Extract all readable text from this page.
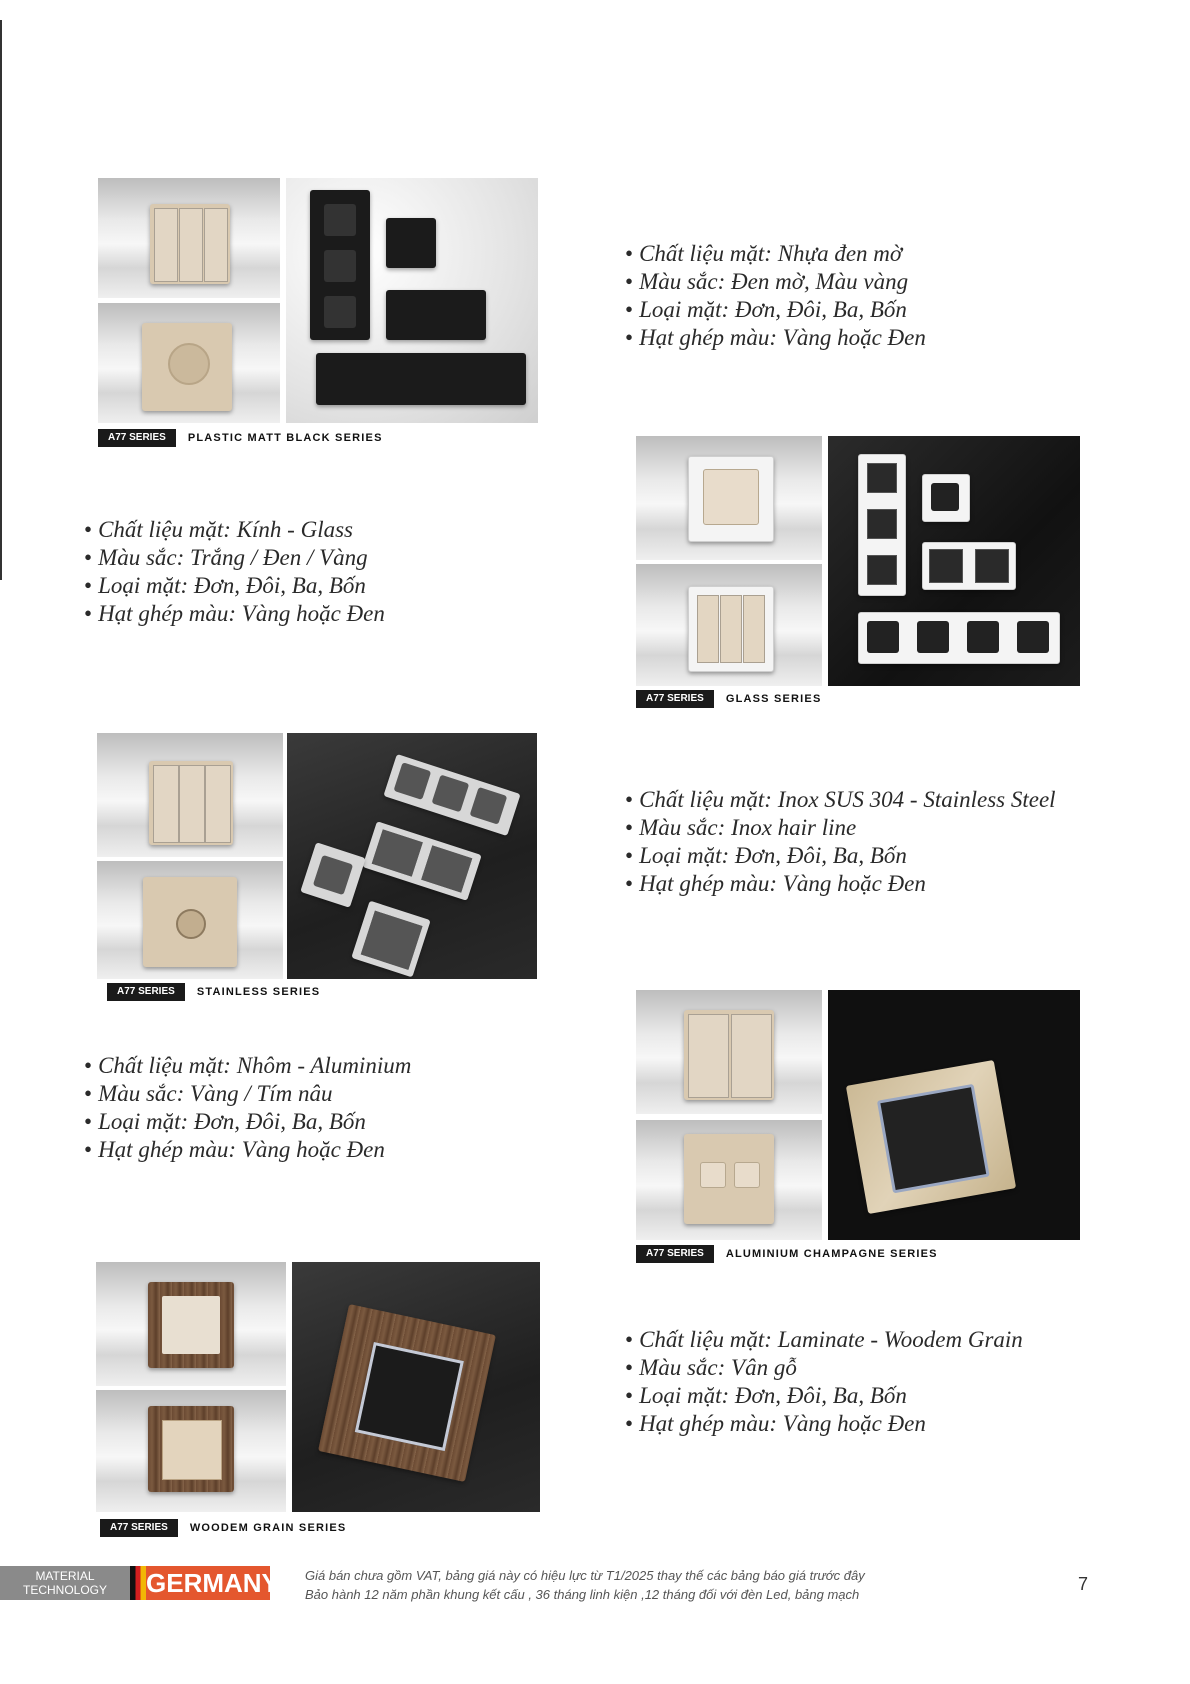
A77 SERIES	PLASTIC MATT BLACK SERIES
• Chất liệu mặt: Nhựa đen mờ
• Màu sắc: Đen mờ, Màu vàng
• Loại mặt: Đơn, Đôi, Ba, Bốn
• Hạt ghép màu: Vàng hoặc Đen
• Chất liệu mặt: Kính - Glass
• Màu sắc: Trắng / Đen / Vàng
• Loại mặt: Đơn, Đôi, Ba, Bốn
• Hạt ghép màu: Vàng hoặc Đen
A77 SERIES	GLASS SERIES
A77 SERIES	STAINLESS SERIES
• Chất liệu mặt: Inox SUS 304 - Stainless Steel
• Màu sắc: Inox hair line
• Loại mặt: Đơn, Đôi, Ba, Bốn
• Hạt ghép màu: Vàng hoặc Đen
• Chất liệu mặt: Nhôm - Aluminium
• Màu sắc: Vàng / Tím nâu
• Loại mặt: Đơn, Đôi, Ba, Bốn
• Hạt ghép màu: Vàng hoặc Đen
A77 SERIES	ALUMINIUM CHAMPAGNE SERIES
A77 SERIES	WOODEM GRAIN SERIES
• Chất liệu mặt: Laminate - Woodem Grain
• Màu sắc: Vân gỗ
• Loại mặt: Đơn, Đôi, Ba, Bốn
• Hạt ghép màu: Vàng hoặc Đen
MATERIAL
TECHNOLOGY	GERMANY Giá bán chưa gồm VAT, bảng giá này có hiệu lực từ T1/2025 thay thế các bảng báo giá trước đây
Bảo hành 12 năm phần khung kết cấu , 36 tháng linh kiện ,12 tháng đối với đèn Led, bảng mạch
7
